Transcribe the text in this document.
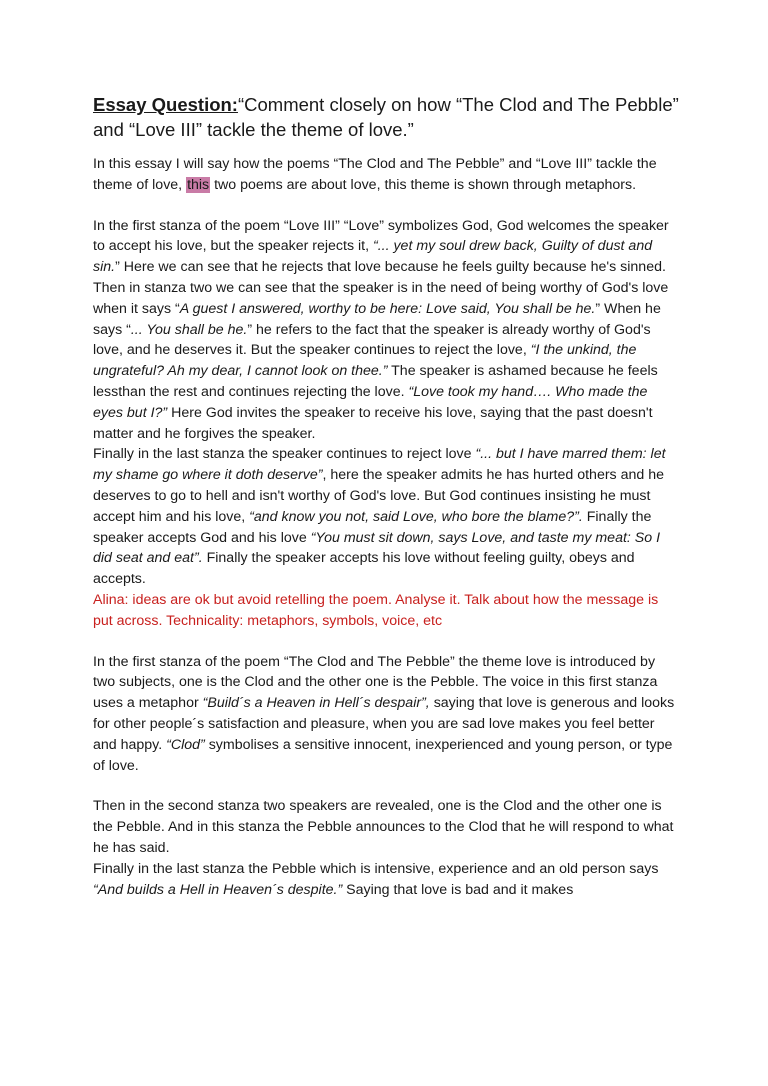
Essay Question:“Comment closely on how “The Clod and The Pebble” and “Love III” tackle the theme of love.”

In this essay I will say how the poems “The Clod and The Pebble” and “Love III” tackle the theme of love, this two poems are about love, this theme is shown through metaphors.

In the first stanza of the poem “Love III” “Love” symbolizes God, God welcomes the speaker to accept his love, but the speaker rejects it, “... yet my soul drew back, Guilty of dust and sin.” Here we can see that he rejects that love because he feels guilty because he's sinned.

Then in stanza two we can see that the speaker is in the need of being worthy of God's love when it says “A guest I answered, worthy to be here: Love said, You shall be he.” When he says “... You shall be he.” he refers to the fact that the speaker is already worthy of God's love, and he deserves it. But the speaker continues to reject the love, “I the unkind, the ungrateful? Ah my dear, I cannot look on thee.” The speaker is ashamed because he feels lessthan the rest and continues rejecting the love. “Love took my hand…. Who made the eyes but I?” Here God invites the speaker to receive his love, saying that the past doesn't matter and he forgives the speaker.

Finally in the last stanza the speaker continues to reject love “... but I have marred them: let my shame go where it doth deserve”, here the speaker admits he has hurted others and he deserves to go to hell and isn't worthy of God's love. But God continues insisting he must accept him and his love, “and know you not, said Love, who bore the blame?”. Finally the speaker accepts God and his love “You must sit down, says Love, and taste my meat: So I did seat and eat”. Finally the speaker accepts his love without feeling guilty, obeys and accepts.

Alina: ideas are ok but avoid retelling the poem. Analyse it. Talk about how the message is put across. Technicality: metaphors, symbols, voice, etc

In the first stanza of the poem “The Clod and The Pebble” the theme love is introduced by two subjects, one is the Clod and the other one is the Pebble. The voice in this first stanza uses a metaphor “Build´s a Heaven in Hell´s despair”, saying that love is generous and looks for other people´s satisfaction and pleasure, when you are sad love makes you feel better and happy. “Clod” symbolises a sensitive innocent, inexperienced and young person, or type of love.

Then in the second stanza two speakers are revealed, one is the Clod and the other one is the Pebble. And in this stanza the Pebble announces to the Clod that he will respond to what he has said.

Finally in the last stanza the Pebble which is intensive, experience and an old person says “And builds a Hell in Heaven´s despite.” Saying that love is bad and it makes
